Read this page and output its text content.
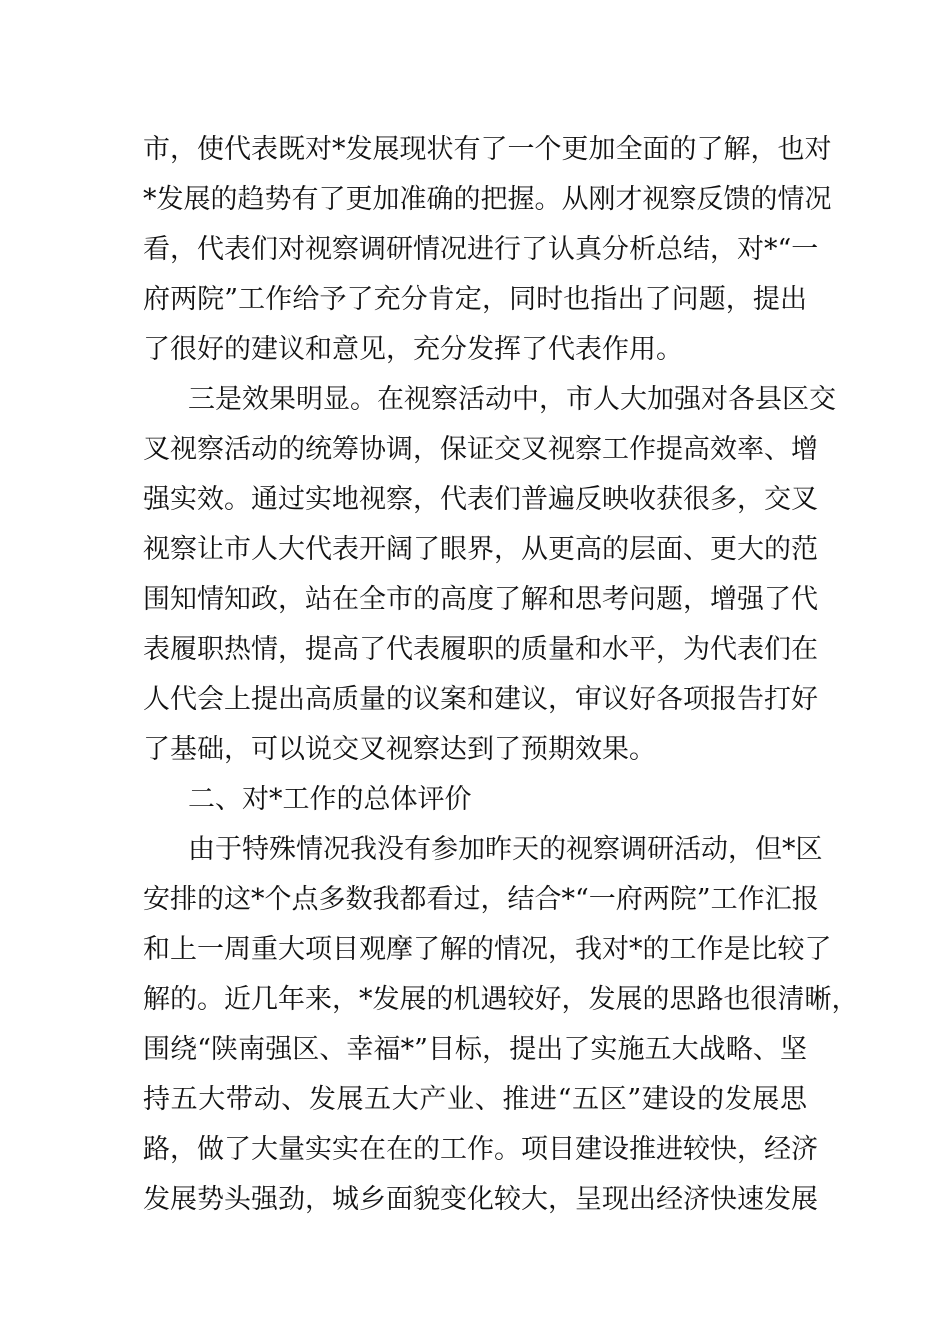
市，使代表既对*发展现状有了一个更加全面的了解，也对
*发展的趋势有了更加准确的把握。从刚才视察反馈的情况
看，代表们对视察调研情况进行了认真分析总结，对*“一
府两院”工作给予了充分肯定，同时也指出了问题，提出
了很好的建议和意见，充分发挥了代表作用。
三是效果明显。在视察活动中，市人大加强对各县区交
叉视察活动的统筹协调，保证交叉视察工作提高效率、增
强实效。通过实地视察，代表们普遍反映收获很多，交叉
视察让市人大代表开阔了眼界，从更高的层面、更大的范
围知情知政，站在全市的高度了解和思考问题，增强了代
表履职热情，提高了代表履职的质量和水平，为代表们在
人代会上提出高质量的议案和建议，审议好各项报告打好
了基础，可以说交叉视察达到了预期效果。
二、对*工作的总体评价
由于特殊情况我没有参加昨天的视察调研活动，但*区
安排的这*个点多数我都看过，结合*“一府两院”工作汇报
和上一周重大项目观摩了解的情况，我对*的工作是比较了
解的。近几年来，*发展的机遇较好，发展的思路也很清晰，
围绕“陕南强区、幸福*”目标，提出了实施五大战略、坚
持五大带动、发展五大产业、推进“五区”建设的发展思
路，做了大量实实在在的工作。项目建设推进较快，经济
发展势头强劲，城乡面貌变化较大，呈现出经济快速发展
